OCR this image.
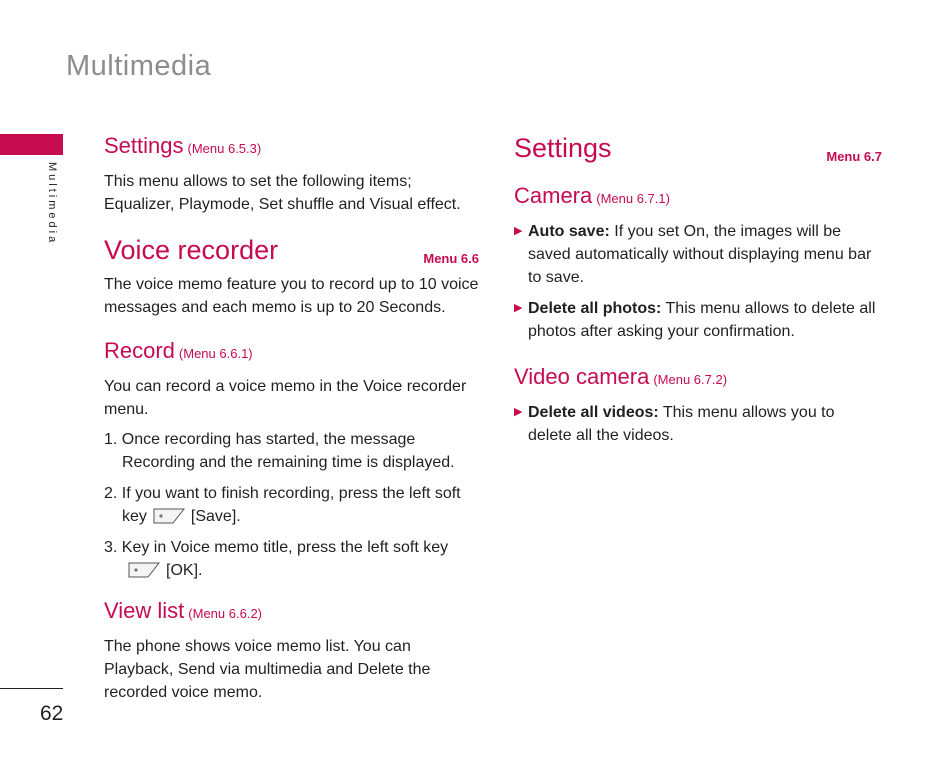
Multimedia
Multimedia
62
Settings (Menu 6.5.3)

This menu allows to set the following items; Equalizer, Playmode, Set shuffle and Visual effect.

Voice recorder	Menu 6.6

The voice memo feature you to record up to 10 voice messages and each memo is up to 20 Seconds.

Record (Menu 6.6.1)

You can record a voice memo in the Voice recorder menu.

1. Once recording has started, the message Recording and the remaining time is displayed.
2. If you want to finish recording, press the left soft key	[Save].
3. Key in Voice memo title, press the left soft key
[OK].
View list (Menu 6.6.2)

The phone shows voice memo list. You can Playback, Send via multimedia and Delete the recorded voice memo.

Settings	Menu 6.7
Camera (Menu 6.7.1)
▶ Auto save: If you set On, the images will be saved automatically without displaying menu bar to save.
▶ Delete all photos: This menu allows to delete all photos after asking your confirmation.
Video camera (Menu 6.7.2)
▶ Delete all videos: This menu allows you to delete all the videos.
